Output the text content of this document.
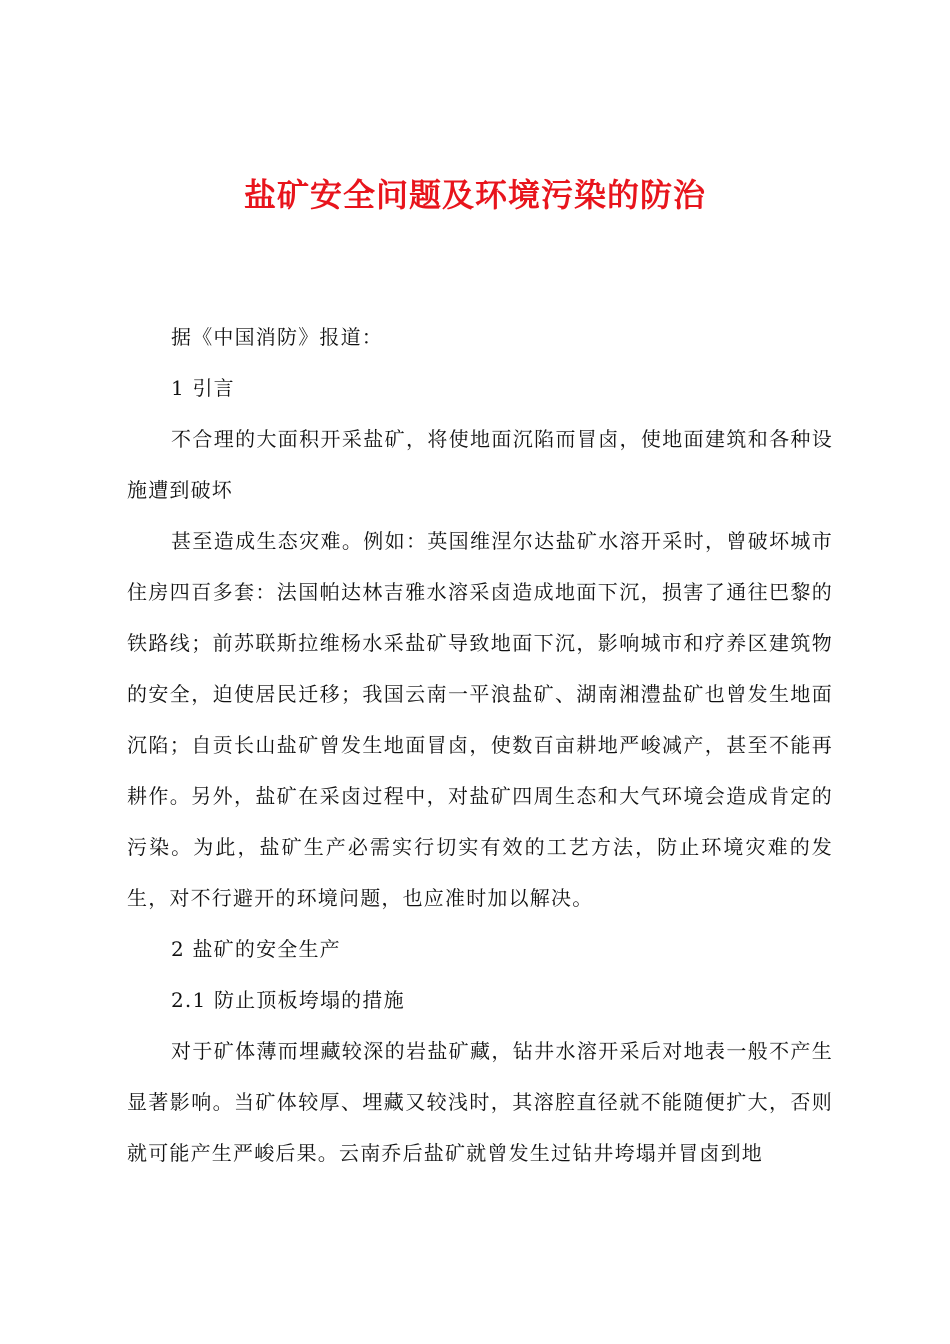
盐矿安全问题及环境污染的防治

据《中国消防》报道：

1 引言

不合理的大面积开采盐矿，将使地面沉陷而冒卤，使地面建筑和各种设施遭到破坏

甚至造成生态灾难。例如：英国维涅尔达盐矿水溶开采时，曾破坏城市住房四百多套：法国帕达林吉雅水溶采卤造成地面下沉，损害了通往巴黎的铁路线；前苏联斯拉维杨水采盐矿导致地面下沉，影响城市和疗养区建筑物的安全，迫使居民迁移；我国云南一平浪盐矿、湖南湘澧盐矿也曾发生地面沉陷；自贡长山盐矿曾发生地面冒卤，使数百亩耕地严峻减产，甚至不能再耕作。另外，盐矿在采卤过程中，对盐矿四周生态和大气环境会造成肯定的污染。为此，盐矿生产必需实行切实有效的工艺方法，防止环境灾难的发生，对不行避开的环境问题，也应准时加以解决。

2 盐矿的安全生产

2.1 防止顶板垮塌的措施

对于矿体薄而埋藏较深的岩盐矿藏，钻井水溶开采后对地表一般不产生显著影响。当矿体较厚、埋藏又较浅时，其溶腔直径就不能随便扩大，否则就可能产生严峻后果。云南乔后盐矿就曾发生过钻井垮塌并冒卤到地
